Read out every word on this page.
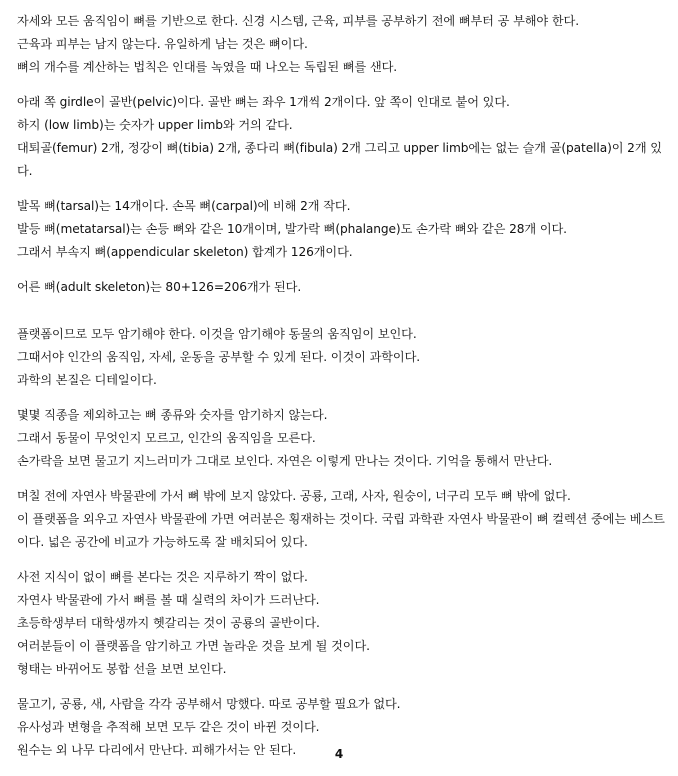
자세와 모든 움직임이 뼈를 기반으로 한다. 신경 시스템, 근육, 피부를 공부하기 전에 뼈부터 공 부해야 한다.
근육과 피부는 남지 않는다. 유일하게 남는 것은 뼈이다.
뼈의 개수를 계산하는 법칙은 인대를 녹였을 때 나오는 독립된 뼈를 샌다.
아래 쪽 girdle이 골반(pelvic)이다. 골반 뼈는 좌우 1개씩 2개이다. 앞 쪽이 인대로 붙어 있다.
하지 (low limb)는 숫자가 upper limb와 거의 같다.
대퇴골(femur) 2개, 정강이 뼈(tibia) 2개, 종다리 뼈(fibula) 2개 그리고 upper limb에는 없는 슬개 골(patella)이 2개 있다.
발목 뼈(tarsal)는 14개이다. 손목 뼈(carpal)에 비해 2개 작다.
발등 뼈(metatarsal)는 손등 뼈와 같은 10개이며, 발가락 뼈(phalange)도 손가락 뼈와 같은 28개 이다.
그래서 부속지 뼈(appendicular skeleton) 합계가 126개이다.
어른 뼈(adult skeleton)는 80+126=206개가 된다.
플랫폼이므로 모두 암기해야 한다. 이것을 암기해야 동물의 움직임이 보인다.
그때서야 인간의 움직임, 자세, 운동을 공부할 수 있게 된다. 이것이 과학이다.
과학의 본질은 디테일이다.
몇몇 직종을 제외하고는 뼈 종류와 숫자를 암기하지 않는다.
그래서 동물이 무엇인지 모르고, 인간의 움직임을 모른다.
손가락을 보면 물고기 지느러미가 그대로 보인다. 자연은 이렇게 만나는 것이다. 기억을 통해서 만난다.
며칠 전에 자연사 박물관에 가서 뼈 밖에 보지 않았다. 공룡, 고래, 사자, 원숭이, 너구리 모두 뼈 밖에 없다.
이 플랫폼을 외우고 자연사 박물관에 가면 여러분은 횡재하는 것이다. 국립 과학관 자연사 박물관이 뼈 컬렉션 중에는 베스트이다. 넓은 공간에 비교가 가능하도록 잘 배치되어 있다.
사전 지식이 없이 뼈를 본다는 것은 지루하기 짝이 없다.
자연사 박물관에 가서 뼈를 볼 때 실력의 차이가 드러난다.
초등학생부터 대학생까지 헷갈리는 것이 공룡의 골반이다.
여러분들이 이 플랫폼을 암기하고 가면 놀라운 것을 보게 될 것이다.
형태는 바뀌어도 봉합 선을 보면 보인다.
물고기, 공룡, 새, 사람을 각각 공부해서 망했다. 따로 공부할 필요가 없다.
유사성과 변형을 추적해 보면 모두 같은 것이 바뀐 것이다.
원수는 외 나무 다리에서 만난다. 피해가서는 안 된다.	4
